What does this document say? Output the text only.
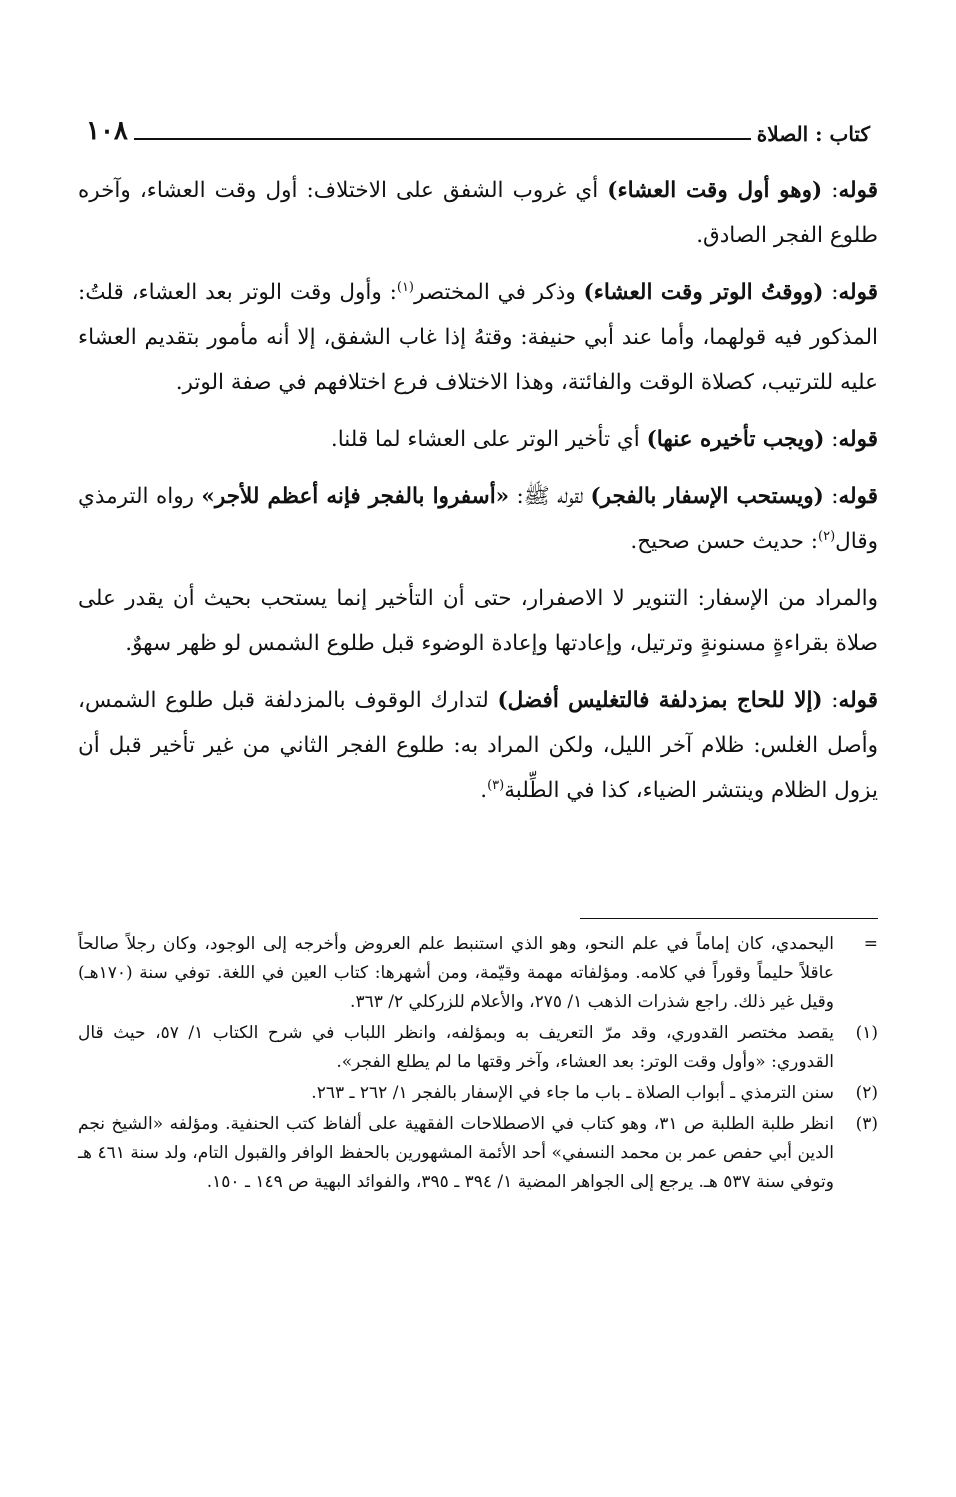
كتاب : الصلاة
١٠٨

قوله: (وهو أول وقت العشاء) أي غروب الشفق على الاختلاف: أول وقت العشاء، وآخره طلوع الفجر الصادق.

قوله: (ووقتُ الوتر وقت العشاء) وذكر في المختصر$^{(١)}$: وأول وقت الوتر بعد العشاء، قلتُ: المذكور فيه قولهما، وأما عند أبي حنيفة: وقتهُ إذا غاب الشفق، إلا أنه مأمور بتقديم العشاء عليه للترتيب، كصلاة الوقت والفائتة، وهذا الاختلاف فرع اختلافهم في صفة الوتر.

قوله: (ويجب تأخيره عنها) أي تأخير الوتر على العشاء لما قلنا.

قوله: (ويستحب الإسفار بالفجر) لقوله ﷺ: «أسفروا بالفجر فإنه أعظم للأجر» رواه الترمذي وقال$^{(٢)}$: حديث حسن صحيح.

والمراد من الإسفار: التنوير لا الاصفرار، حتى أن التأخير إنما يستحب بحيث أن يقدر على صلاة بقراءةٍ مسنونةٍ وترتيل، وإعادتها وإعادة الوضوء قبل طلوع الشمس لو ظهر سهوٌ.

قوله: (إلا للحاج بمزدلفة فالتغليس أفضل) لتدارك الوقوف بالمزدلفة قبل طلوع الشمس، وأصل الغلس: ظلام آخر الليل، ولكن المراد به: طلوع الفجر الثاني من غير تأخير قبل أن يزول الظلام وينتشر الضياء، كذا في الطِّلبة$^{(٣)}$.

=
اليحمدي، كان إماماً في علم النحو، وهو الذي استنبط علم العروض وأخرجه إلى الوجود، وكان رجلاً صالحاً عاقلاً حليماً وقوراً في كلامه. ومؤلفاته مهمة وقيّمة، ومن أشهرها: كتاب العين في اللغة. توفي سنة (١٧٠هـ) وقيل غير ذلك. راجع شذرات الذهب ١/ ٢٧٥، والأعلام للزركلي ٢/ ٣٦٣.
(١)
يقصد مختصر القدوري، وقد مرّ التعريف به وبمؤلفه، وانظر اللباب في شرح الكتاب ١/ ٥٧، حيث قال القدوري: «وأول وقت الوتر: بعد العشاء، وآخر وقتها ما لم يطلع الفجر».
(٢)
سنن الترمذي ـ أبواب الصلاة ـ باب ما جاء في الإسفار بالفجر ١/ ٢٦٢ ـ ٢٦٣.
(٣)
انظر طلبة الطلبة ص ٣١، وهو كتاب في الاصطلاحات الفقهية على ألفاظ كتب الحنفية. ومؤلفه «الشيخ نجم الدين أبي حفص عمر بن محمد النسفي» أحد الأئمة المشهورين بالحفظ الوافر والقبول التام، ولد سنة ٤٦١ هـ وتوفي سنة ٥٣٧ هـ. يرجع إلى الجواهر المضية ١/ ٣٩٤ ـ ٣٩٥، والفوائد البهية ص ١٤٩ ـ ١٥٠.
